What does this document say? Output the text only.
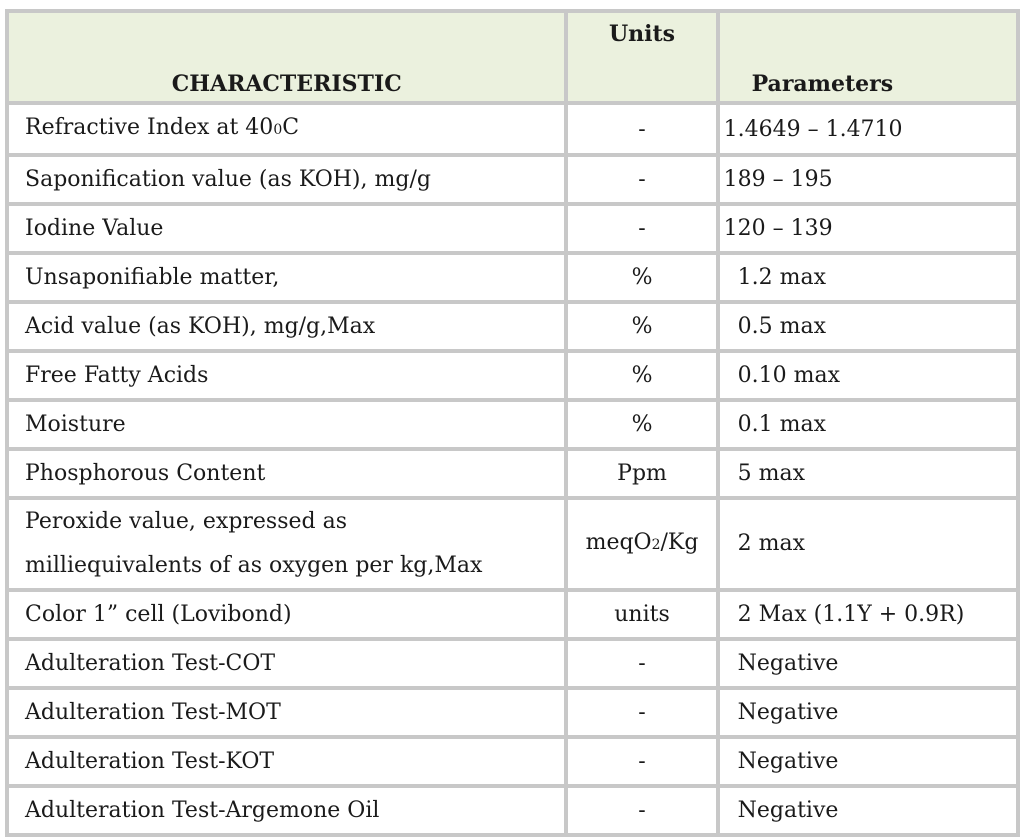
CHARACTERISTIC	Units	Parameters
Refractive Index at 400C	-	1.4649 – 1.4710
Saponification value (as KOH), mg/g	-	189 – 195
Iodine Value	-	120 – 139
Unsaponifiable matter,	%	1.2 max
Acid value (as KOH), mg/g,Max	%	0.5 max
Free Fatty Acids	%	0.10 max
Moisture	%	0.1 max
Phosphorous Content	Ppm	5 max

Peroxide value, expressed as
milliequivalents of as oxygen per kg,Max	meqO2/Kg	2 max
Color 1” cell (Lovibond)	units	2 Max (1.1Y + 0.9R)
Adulteration Test-COT	-	Negative
Adulteration Test-MOT	-	Negative
Adulteration Test-KOT	-	Negative
Adulteration Test-Argemone Oil	-	Negative
